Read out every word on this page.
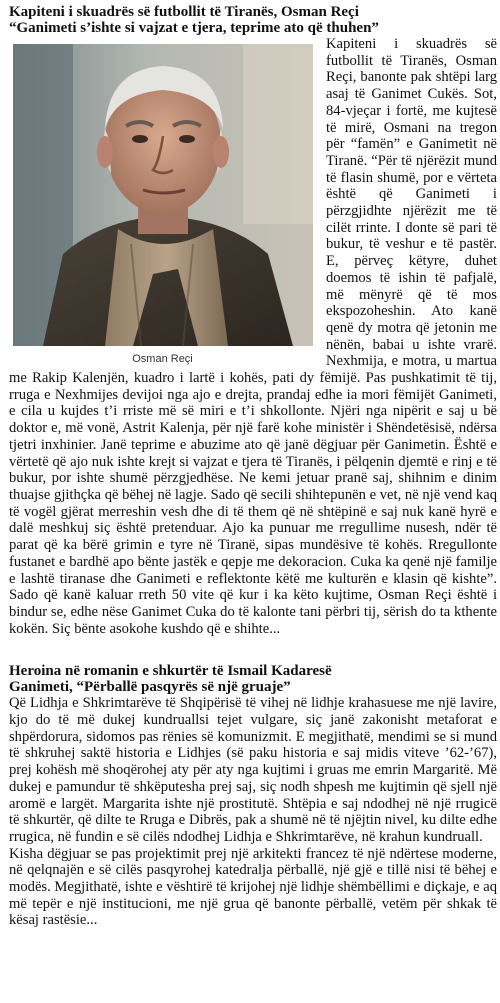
Kapiteni i skuadrës së futbollit të Tiranës, Osman Reçi
“Ganimeti s’ishte si vajzat e tjera, teprime ato që thuhen”
Osman Reçi

Kapiteni i skuadrës së futbollit të Tiranës, Osman Reçi, banonte pak shtëpi larg asaj të Ganimet Cukës. Sot, 84-vjeçar i fortë, me kujtesë të mirë, Osmani na tregon për “famën” e Ganimetit në Tiranë. “Për të njërëzit mund të flasin shumë, por e vërteta është që Ganimeti i përzgjidhte njërëzit me të cilët rrinte. I donte së pari të bukur, të veshur e të pastër. E, përveç këtyre, duhet doemos të ishin të pafjalë, më mënyrë që të mos ekspozoheshin. Ato kanë qenë dy motra që jetonin me nënën, babai u ishte vrarë. Nexhmija, e motra, u martua me Rakip Kalenjën, kuadro i lartë i kohës, pati dy fëmijë. Pas pushkatimit të tij, rruga e Nexhmijes devijoi nga ajo e drejta, prandaj edhe ia mori fëmijët Ganimeti, e cila u kujdes t’i rriste më së miri e t’i shkollonte. Njëri nga nipërit e saj u bë doktor e, më vonë, Astrit Kalenja, për një farë kohe ministër i Shëndetësisë, ndërsa tjetri inxhinier. Janë teprime e abuzime ato që janë dëgjuar për Ganimetin. Është e vërtetë që ajo nuk ishte krejt si vajzat e tjera të Tiranës, i pëlqenin djemtë e rinj e të bukur, por ishte shumë përzgjedhëse. Ne kemi jetuar pranë saj, shihnim e dinim thuajse gjithçka që bëhej në lagje. Sado që secili shihtepunën e vet, në një vend kaq të vogël gjërat merreshin vesh dhe di të them që në shtëpinë e saj nuk kanë hyrë e dalë meshkuj siç është pretenduar. Ajo ka punuar me rregullime nusesh, ndër të parat që ka bërë grimin e tyre në Tiranë, sipas mundësive të kohës. Rregullonte fustanet e bardhë apo bënte jastëk e qepje me dekoracion. Cuka ka qenë një familje e lashtë tiranase dhe Ganimeti e reflektonte këtë me kulturën e klasin që kishte”. Sado që kanë kaluar rreth 50 vite që kur i ka këto kujtime, Osman Reçi është i bindur se, edhe nëse Ganimet Cuka do të kalonte tani përbri tij, sërish do ta kthente kokën. Siç bënte asokohe kushdo që e shihte...

Heroina në romanin e shkurtër të Ismail Kadaresë
Ganimeti, “Përballë pasqyrës së një gruaje”

Që Lidhja e Shkrimtarëve të Shqipërisë të vihej në lidhje krahasuese me një lavire, kjo do të më dukej kundruallsi tejet vulgare, siç janë zakonisht metaforat e shpërdorura, sidomos pas rënies së komunizmit. E megjithatë, mendimi se si mund të shkruhej saktë historia e Lidhjes (së paku historia e saj midis viteve ’62-’67), prej kohësh më shoqërohej aty për aty nga kujtimi i gruas me emrin Margaritë. Më dukej e pamundur të shkëputesha prej saj, siç nodh shpesh me kujtimin që sjell një aromë e largët. Margarita ishte një prostitutë. Shtëpia e saj ndodhej në një rrugicë të shkurtër, që dilte te Rruga e Dibrës, pak a shumë në të njëjtin nivel, ku dilte edhe rrugica, në fundin e së cilës ndodhej Lidhja e Shkrimtarëve, në krahun kundruall.

Kisha dëgjuar se pas projektimit prej një arkitekti francez të një ndërtese moderne, në qelqnajën e së cilës pasqyrohej katedralja përballë, një gjë e tillë nisi të bëhej e modës. Megjithatë, ishte e vështirë të krijohej një lidhje shëmbëllimi e diçkaje, e aq më tepër e një institucioni, me një grua që banonte përballë, vetëm për shkak të kësaj rastësie...
